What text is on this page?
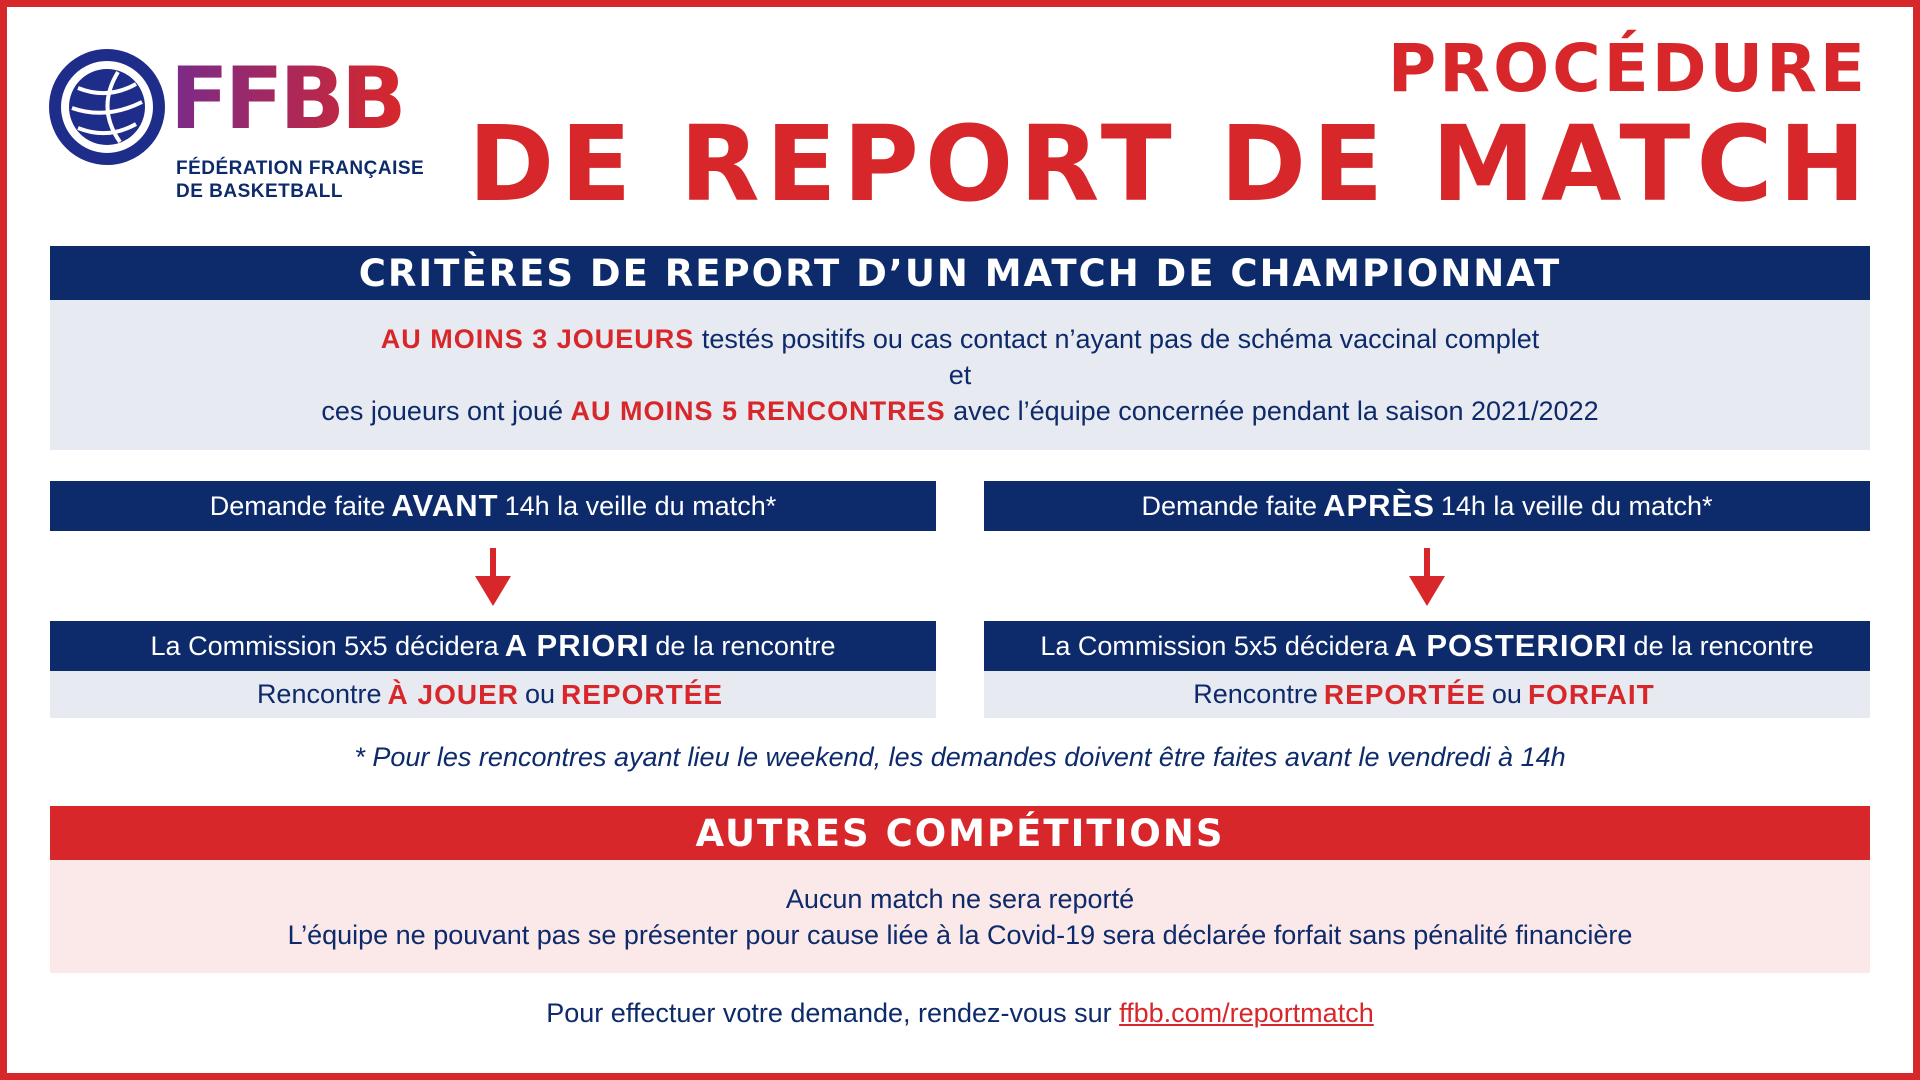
FFBB
FÉDÉRATION FRANÇAISE
DE BASKETBALL
PROCÉDURE
DE REPORT DE MATCH
CRITÈRES DE REPORT D’UN MATCH DE CHAMPIONNAT
AU MOINS 3 JOUEURS testés positifs ou cas contact n’ayant pas de schéma vaccinal complet
et
ces joueurs ont joué AU MOINS 5 RENCONTRES avec l’équipe concernée pendant la saison 2021/2022
Demande faite AVANT 14h la veille du match*
La Commission 5x5 décidera A PRIORI de la rencontre
Rencontre À JOUER ou REPORTÉE
Demande faite APRÈS 14h la veille du match*
La Commission 5x5 décidera A POSTERIORI de la rencontre
Rencontre REPORTÉE ou FORFAIT
* Pour les rencontres ayant lieu le weekend, les demandes doivent être faites avant le vendredi à 14h
AUTRES COMPÉTITIONS
Aucun match ne sera reporté
L’équipe ne pouvant pas se présenter pour cause liée à la Covid-19 sera déclarée forfait sans pénalité financière
Pour effectuer votre demande, rendez-vous sur ffbb.com/reportmatch
